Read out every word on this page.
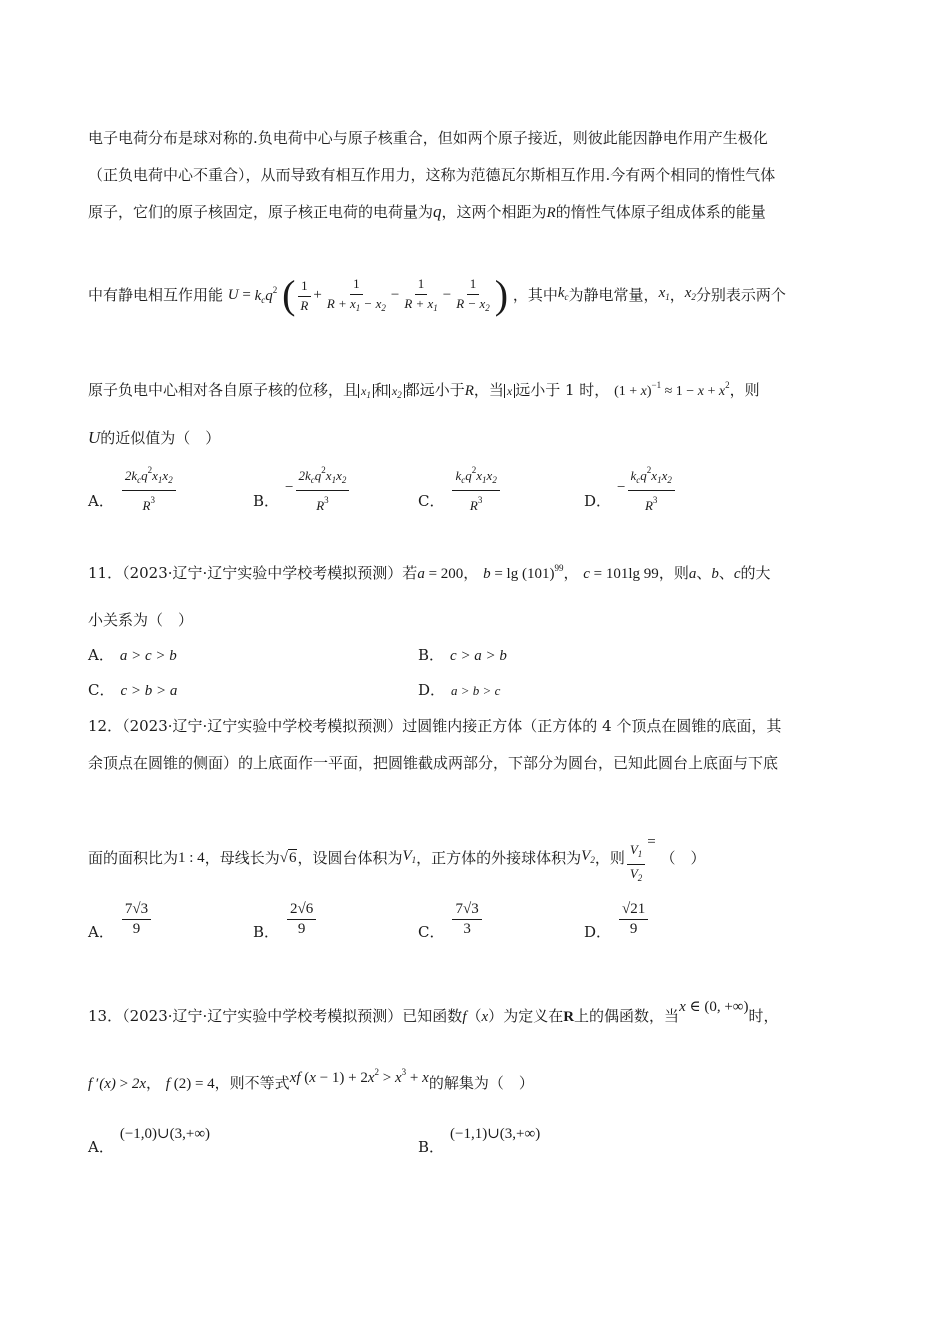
电子电荷分布是球对称的.负电荷中心与原子核重合，但如两个原子接近，则彼此能因静电作用产生极化
（正负电荷中心不重合），从而导致有相互作用力，这称为范德瓦尔斯相互作用.今有两个相同的惰性气体
原子，它们的原子核固定，原子核正电荷的电荷量为q，这两个相距为R的惰性气体原子组成体系的能量
中有静电相互作用能 $U = k_cq^2$ ( $\frac{1}{R} + \frac{1}{R + x_1 - x_2} - \frac{1}{R + x_1} - \frac{1}{R - x_2}$ ) ，其中$k_c$为静电常量，$x_1$，$x_2$分别表示两个
原子负电中心相对各自原子核的位移，且 $x_1$ 和 $x_2$ 都远小于R，当 x 远小于 1 时， $(1 + x)^{-1} \approx 1 - x + x^2$，则
U的近似值为（　）
A． $\frac{2k_cq^2x_1x_2}{R^3}$	B．− $\frac{2k_cq^2x_1x_2}{R^3}$	C． $\frac{k_cq^2x_1x_2}{R^3}$	D．− $\frac{k_cq^2x_1x_2}{R^3}$
11．（2023·辽宁·辽宁实验中学校考模拟预测）若a = 200， $b = \lg (101)^{99}$， c = 101lg 99，则a、b、c的大
小关系为（　）
A． a > c > b	B． c > a > b
C． c > b > a	D． a > b > c
12．（2023·辽宁·辽宁实验中学校考模拟预测）过圆锥内接正方体（正方体的 4 个顶点在圆锥的底面，其
余顶点在圆锥的侧面）的上底面作一平面，把圆锥截成两部分，下部分为圆台，已知此圆台上底面与下底
面的面积比为1 : 4，母线长为√6，设圆台体积为$V_1$，正方体的外接球体积为$V_2$，则 $\frac{V_1}{V_2}$ = （　）
A． $\frac{7√3}{9}$	B． $\frac{2√6}{9}$	C． $\frac{7√3}{3}$	D． $\frac{√21}{9}$
13．（2023·辽宁·辽宁实验中学校考模拟预测）已知函数f（x）为定义在R上的偶函数，当x ∈ (0, +∞)时，
f ′(x) > 2x， f (2) = 4，则不等式xf $(x - 1) + 2x^2 > x^3 + x$的解集为（　）
A．(−1,0)∪(3,+∞)
B．(−1,1)∪(3,+∞)
